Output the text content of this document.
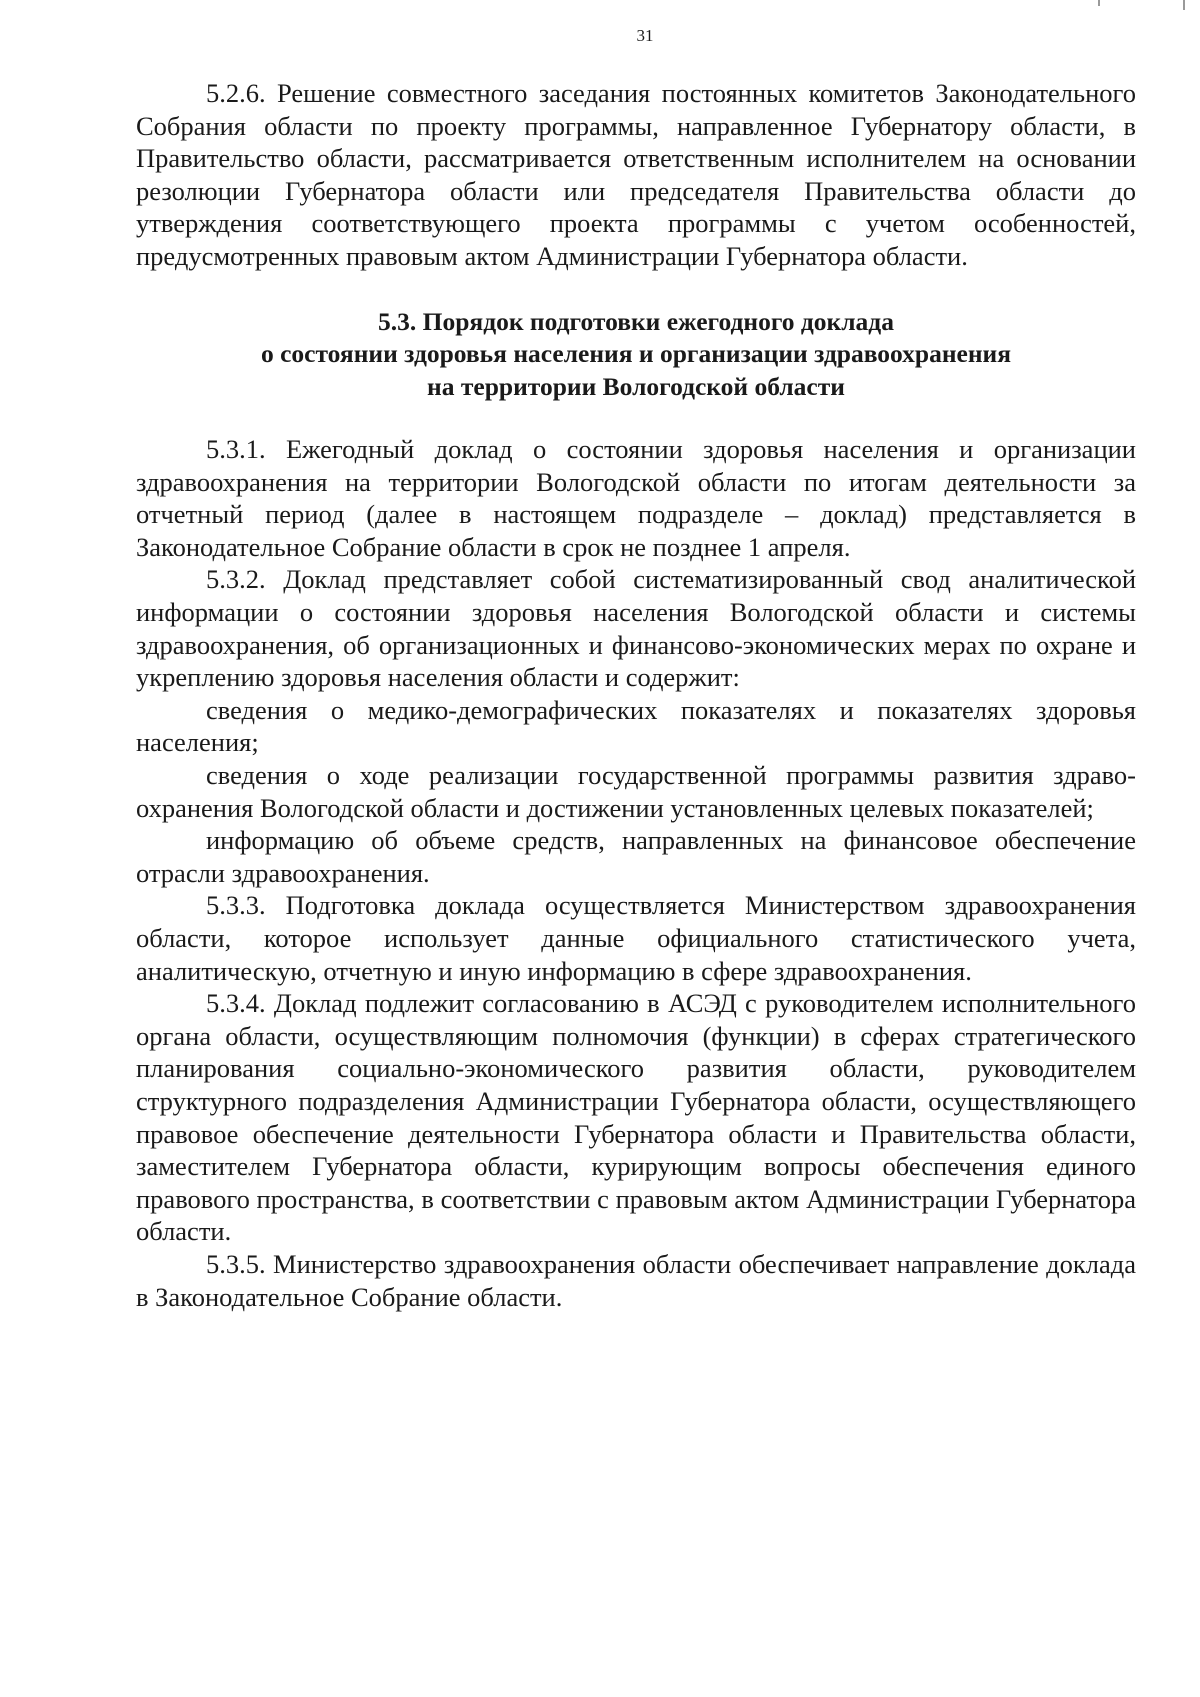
31

5.2.6. Решение совместного заседания постоянных комитетов Законодательного Собрания области по проекту программы, направленное Губернатору области, в Правительство области, рассматривается ответственным исполнителем на основании резолюции Губернатора области или председателя Правительства области до утверждения соответствующего проекта программы с учетом особенностей, предусмотренных правовым актом Администрации Губернатора области.

5.3. Порядок подготовки ежегодного доклада
о состоянии здоровья населения и организации здравоохранения
на территории Вологодской области

5.3.1. Ежегодный доклад о состоянии здоровья населения и организации здравоохранения на территории Вологодской области по итогам деятельности за отчетный период (далее в настоящем подразделе – доклад) представляется в Законодательное Собрание области в срок не позднее 1 апреля.

5.3.2. Доклад представляет собой систематизированный свод аналитической информации о состоянии здоровья населения Вологодской области и системы здравоохранения, об организационных и финансово-экономических мерах по охране и укреплению здоровья населения области и содержит:

сведения о медико-демографических показателях и показателях здоровья населения;

сведения о ходе реализации государственной программы развития здравоохранения Вологодской области и достижении установленных целевых показателей;

информацию об объеме средств, направленных на финансовое обеспечение отрасли здравоохранения.

5.3.3. Подготовка доклада осуществляется Министерством здравоохранения области, которое использует данные официального статистического учета, аналитическую, отчетную и иную информацию в сфере здравоохранения.

5.3.4. Доклад подлежит согласованию в АСЭД с руководителем исполнительного органа области, осуществляющим полномочия (функции) в сферах стратегического планирования социально-экономического развития области, руководителем структурного подразделения Администрации Губернатора области, осуществляющего правовое обеспечение деятельности Губернатора области и Правительства области, заместителем Губернатора области, курирующим вопросы обеспечения единого правового пространства, в соответствии с правовым актом Администрации Губернатора области.

5.3.5. Министерство здравоохранения области обеспечивает направление доклада в Законодательное Собрание области.
